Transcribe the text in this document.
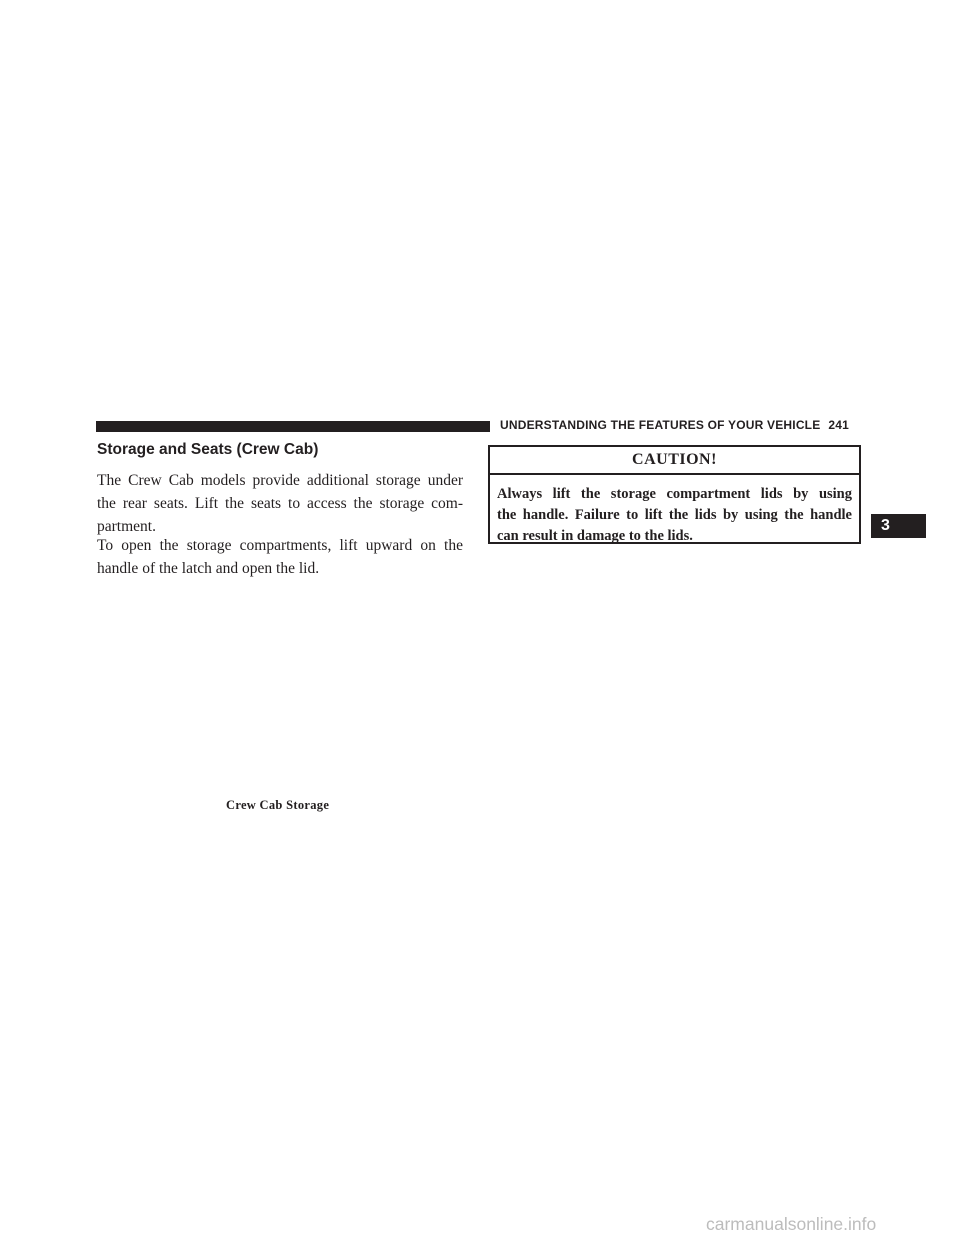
UNDERSTANDING THE FEATURES OF YOUR VEHICLE 241
Storage and Seats (Crew Cab)

The Crew Cab models provide additional storage under
the rear seats. Lift the seats to access the storage com-
partment.

To open the storage compartments, lift upward on the
handle of the latch and open the lid.

CAUTION!
Always lift the storage compartment lids by using
the handle. Failure to lift the lids by using the handle
can result in damage to the lids.
3
Crew Cab Storage
carmanualsonline.info
